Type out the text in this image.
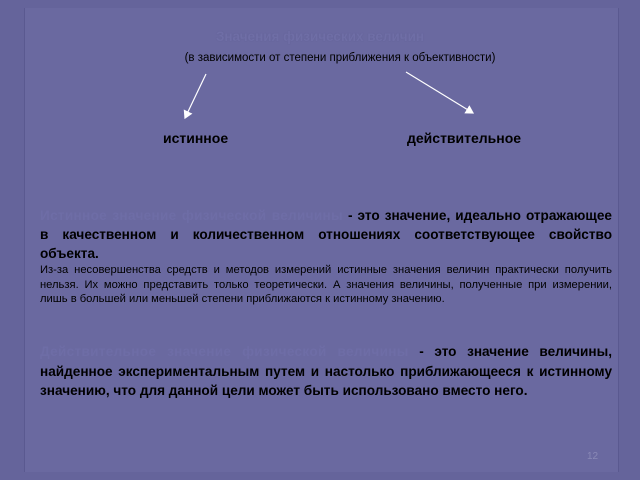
Значения физических величин
(в зависимости от степени приближения к объективности)
истинное	действительное
Истинное значение физической величины - это значение, идеально отражающее в качественном и количественном отношениях соответствующее свойство объекта.
Из-за несовершенства средств и методов измерений истинные значения величин практически получить нельзя. Их можно представить только теоретически. А значения величины, полученные при измерении, лишь в большей или меньшей степени приближаются к истинному значению.
Действительное значение физической величины - это значение величины, найденное экспериментальным путем и настолько приближающееся к истинному значению, что для данной цели может быть использовано вместо него.
12
